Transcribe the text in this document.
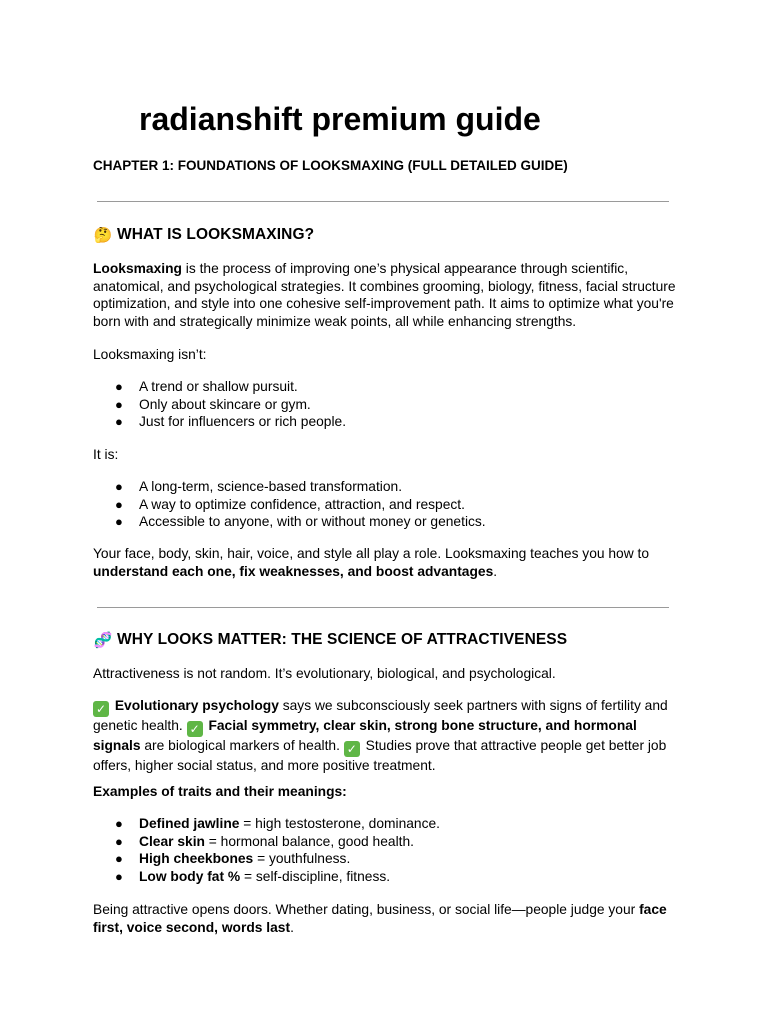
radianshift premium guide
CHAPTER 1: FOUNDATIONS OF LOOKSMAXING (FULL DETAILED GUIDE)
🤔 WHAT IS LOOKSMAXING?

Looksmaxing is the process of improving one’s physical appearance through scientific, anatomical, and psychological strategies. It combines grooming, biology, fitness, facial structure optimization, and style into one cohesive self-improvement path. It aims to optimize what you're born with and strategically minimize weak points, all while enhancing strengths.

Looksmaxing isn’t:

● A trend or shallow pursuit.
● Only about skincare or gym.
● Just for influencers or rich people.

It is:

● A long-term, science-based transformation.
● A way to optimize confidence, attraction, and respect.
● Accessible to anyone, with or without money or genetics.

Your face, body, skin, hair, voice, and style all play a role. Looksmaxing teaches you how to understand each one, fix weaknesses, and boost advantages.

🧬 WHY LOOKS MATTER: THE SCIENCE OF ATTRACTIVENESS

Attractiveness is not random. It’s evolutionary, biological, and psychological.

✓ Evolutionary psychology says we subconsciously seek partners with signs of fertility and genetic health. ✓ Facial symmetry, clear skin, strong bone structure, and hormonal signals are biological markers of health. ✓ Studies prove that attractive people get better job offers, higher social status, and more positive treatment.

Examples of traits and their meanings:

● Defined jawline = high testosterone, dominance.
● Clear skin = hormonal balance, good health.
● High cheekbones = youthfulness.
● Low body fat % = self-discipline, fitness.

Being attractive opens doors. Whether dating, business, or social life—people judge your face first, voice second, words last.
